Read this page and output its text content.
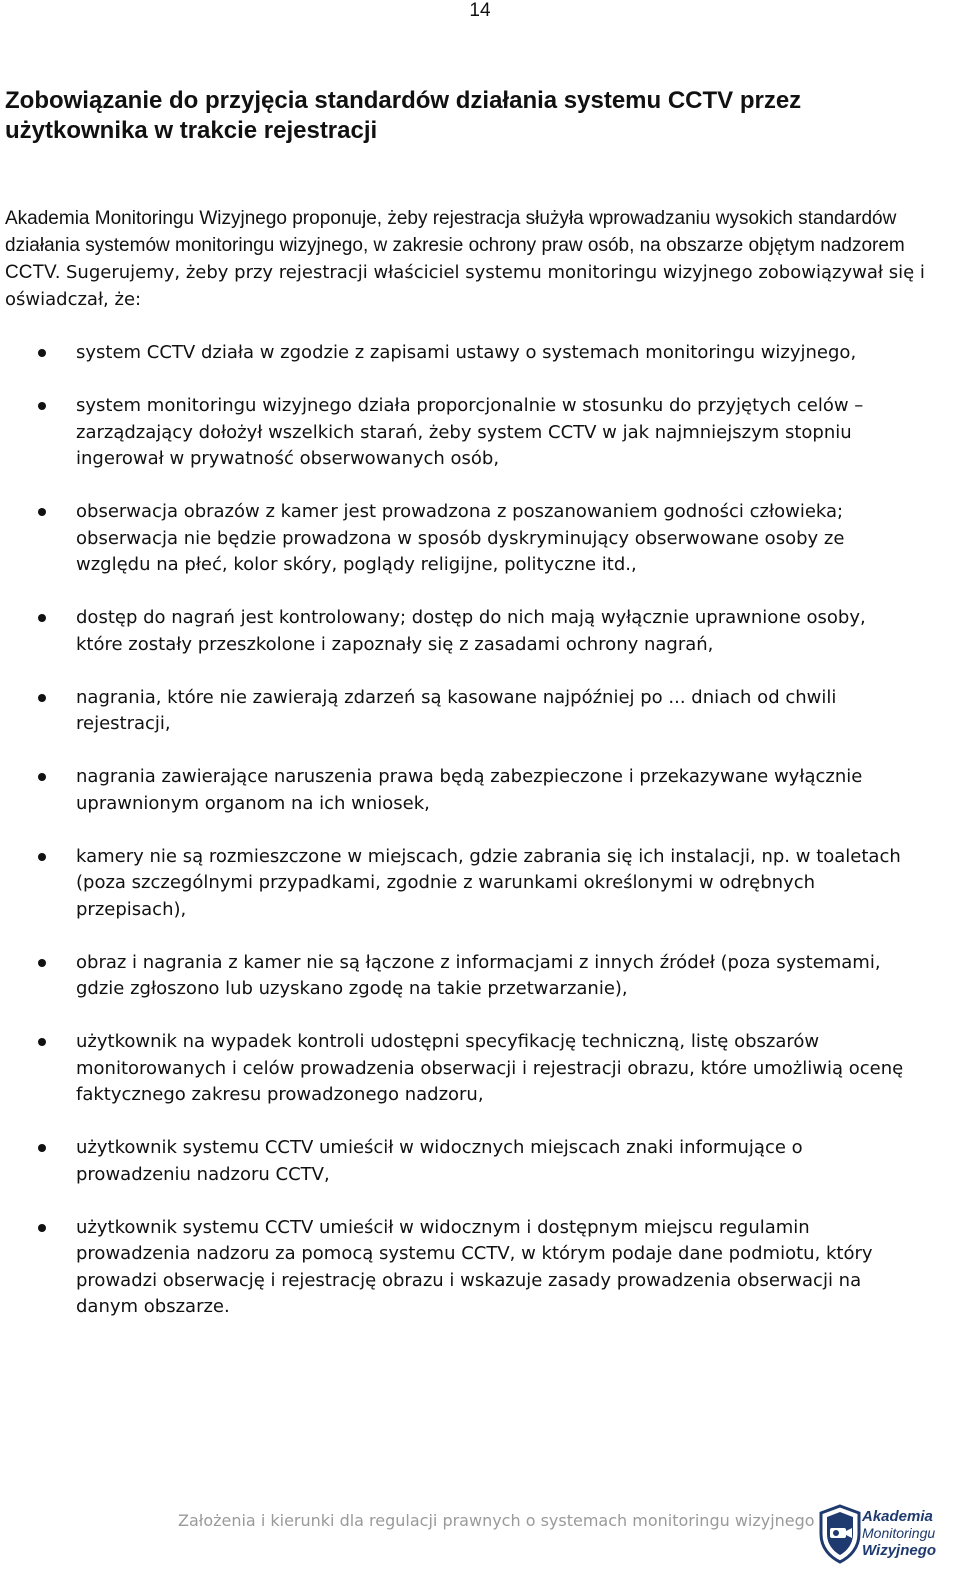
14
Zobowiązanie do przyjęcia standardów działania systemu CCTV przez użytkownika w trakcie rejestracji

Akademia Monitoringu Wizyjnego proponuje, żeby rejestracja służyła wprowadzaniu wysokich standardów działania systemów monitoringu wizyjnego, w zakresie ochrony praw osób, na obszarze objętym nadzorem CCTV. Sugerujemy, żeby przy rejestracji właściciel systemu monitoringu wizyjnego zobowiązywał się i oświadczał, że:

system CCTV działa w zgodzie z zapisami ustawy o systemach monitoringu wizyjnego,
system monitoringu wizyjnego działa proporcjonalnie w stosunku do przyjętych celów – zarządzający dołożył wszelkich starań, żeby system CCTV w jak najmniejszym stopniu ingerował w prywatność obserwowanych osób,
obserwacja obrazów z kamer jest prowadzona z poszanowaniem godności człowieka; obserwacja nie będzie prowadzona w sposób dyskryminujący obserwowane osoby ze względu na płeć, kolor skóry, poglądy religijne, polityczne itd.,
dostęp do nagrań jest kontrolowany; dostęp do nich mają wyłącznie uprawnione osoby, które zostały przeszkolone i zapoznały się z zasadami ochrony nagrań,
nagrania, które nie zawierają zdarzeń są kasowane najpóźniej po ... dniach od chwili rejestracji,
nagrania zawierające naruszenia prawa będą zabezpieczone i przekazywane wyłącznie uprawnionym organom na ich wniosek,
kamery nie są rozmieszczone w miejscach, gdzie zabrania się ich instalacji, np. w toaletach (poza szczególnymi przypadkami, zgodnie z warunkami określonymi w odrębnych przepisach),
obraz i nagrania z kamer nie są łączone z informacjami z innych źródeł (poza systemami, gdzie zgłoszono lub uzyskano zgodę na takie przetwarzanie),
użytkownik na wypadek kontroli udostępni specyfikację techniczną, listę obszarów monitorowanych i celów prowadzenia obserwacji i rejestracji obrazu, które umożliwią ocenę faktycznego zakresu prowadzonego nadzoru,
użytkownik systemu CCTV umieścił w widocznych miejscach znaki informujące o prowadzeniu nadzoru CCTV,
użytkownik systemu CCTV umieścił w widocznym i dostępnym miejscu regulamin prowadzenia nadzoru za pomocą systemu CCTV, w którym podaje dane podmiotu, który prowadzi obserwację i rejestrację obrazu i wskazuje zasady prowadzenia obserwacji na danym obszarze.
Założenia i kierunki dla regulacji prawnych o systemach monitoringu wizyjnego	Akademia
Monitoringu
Wizyjnego
